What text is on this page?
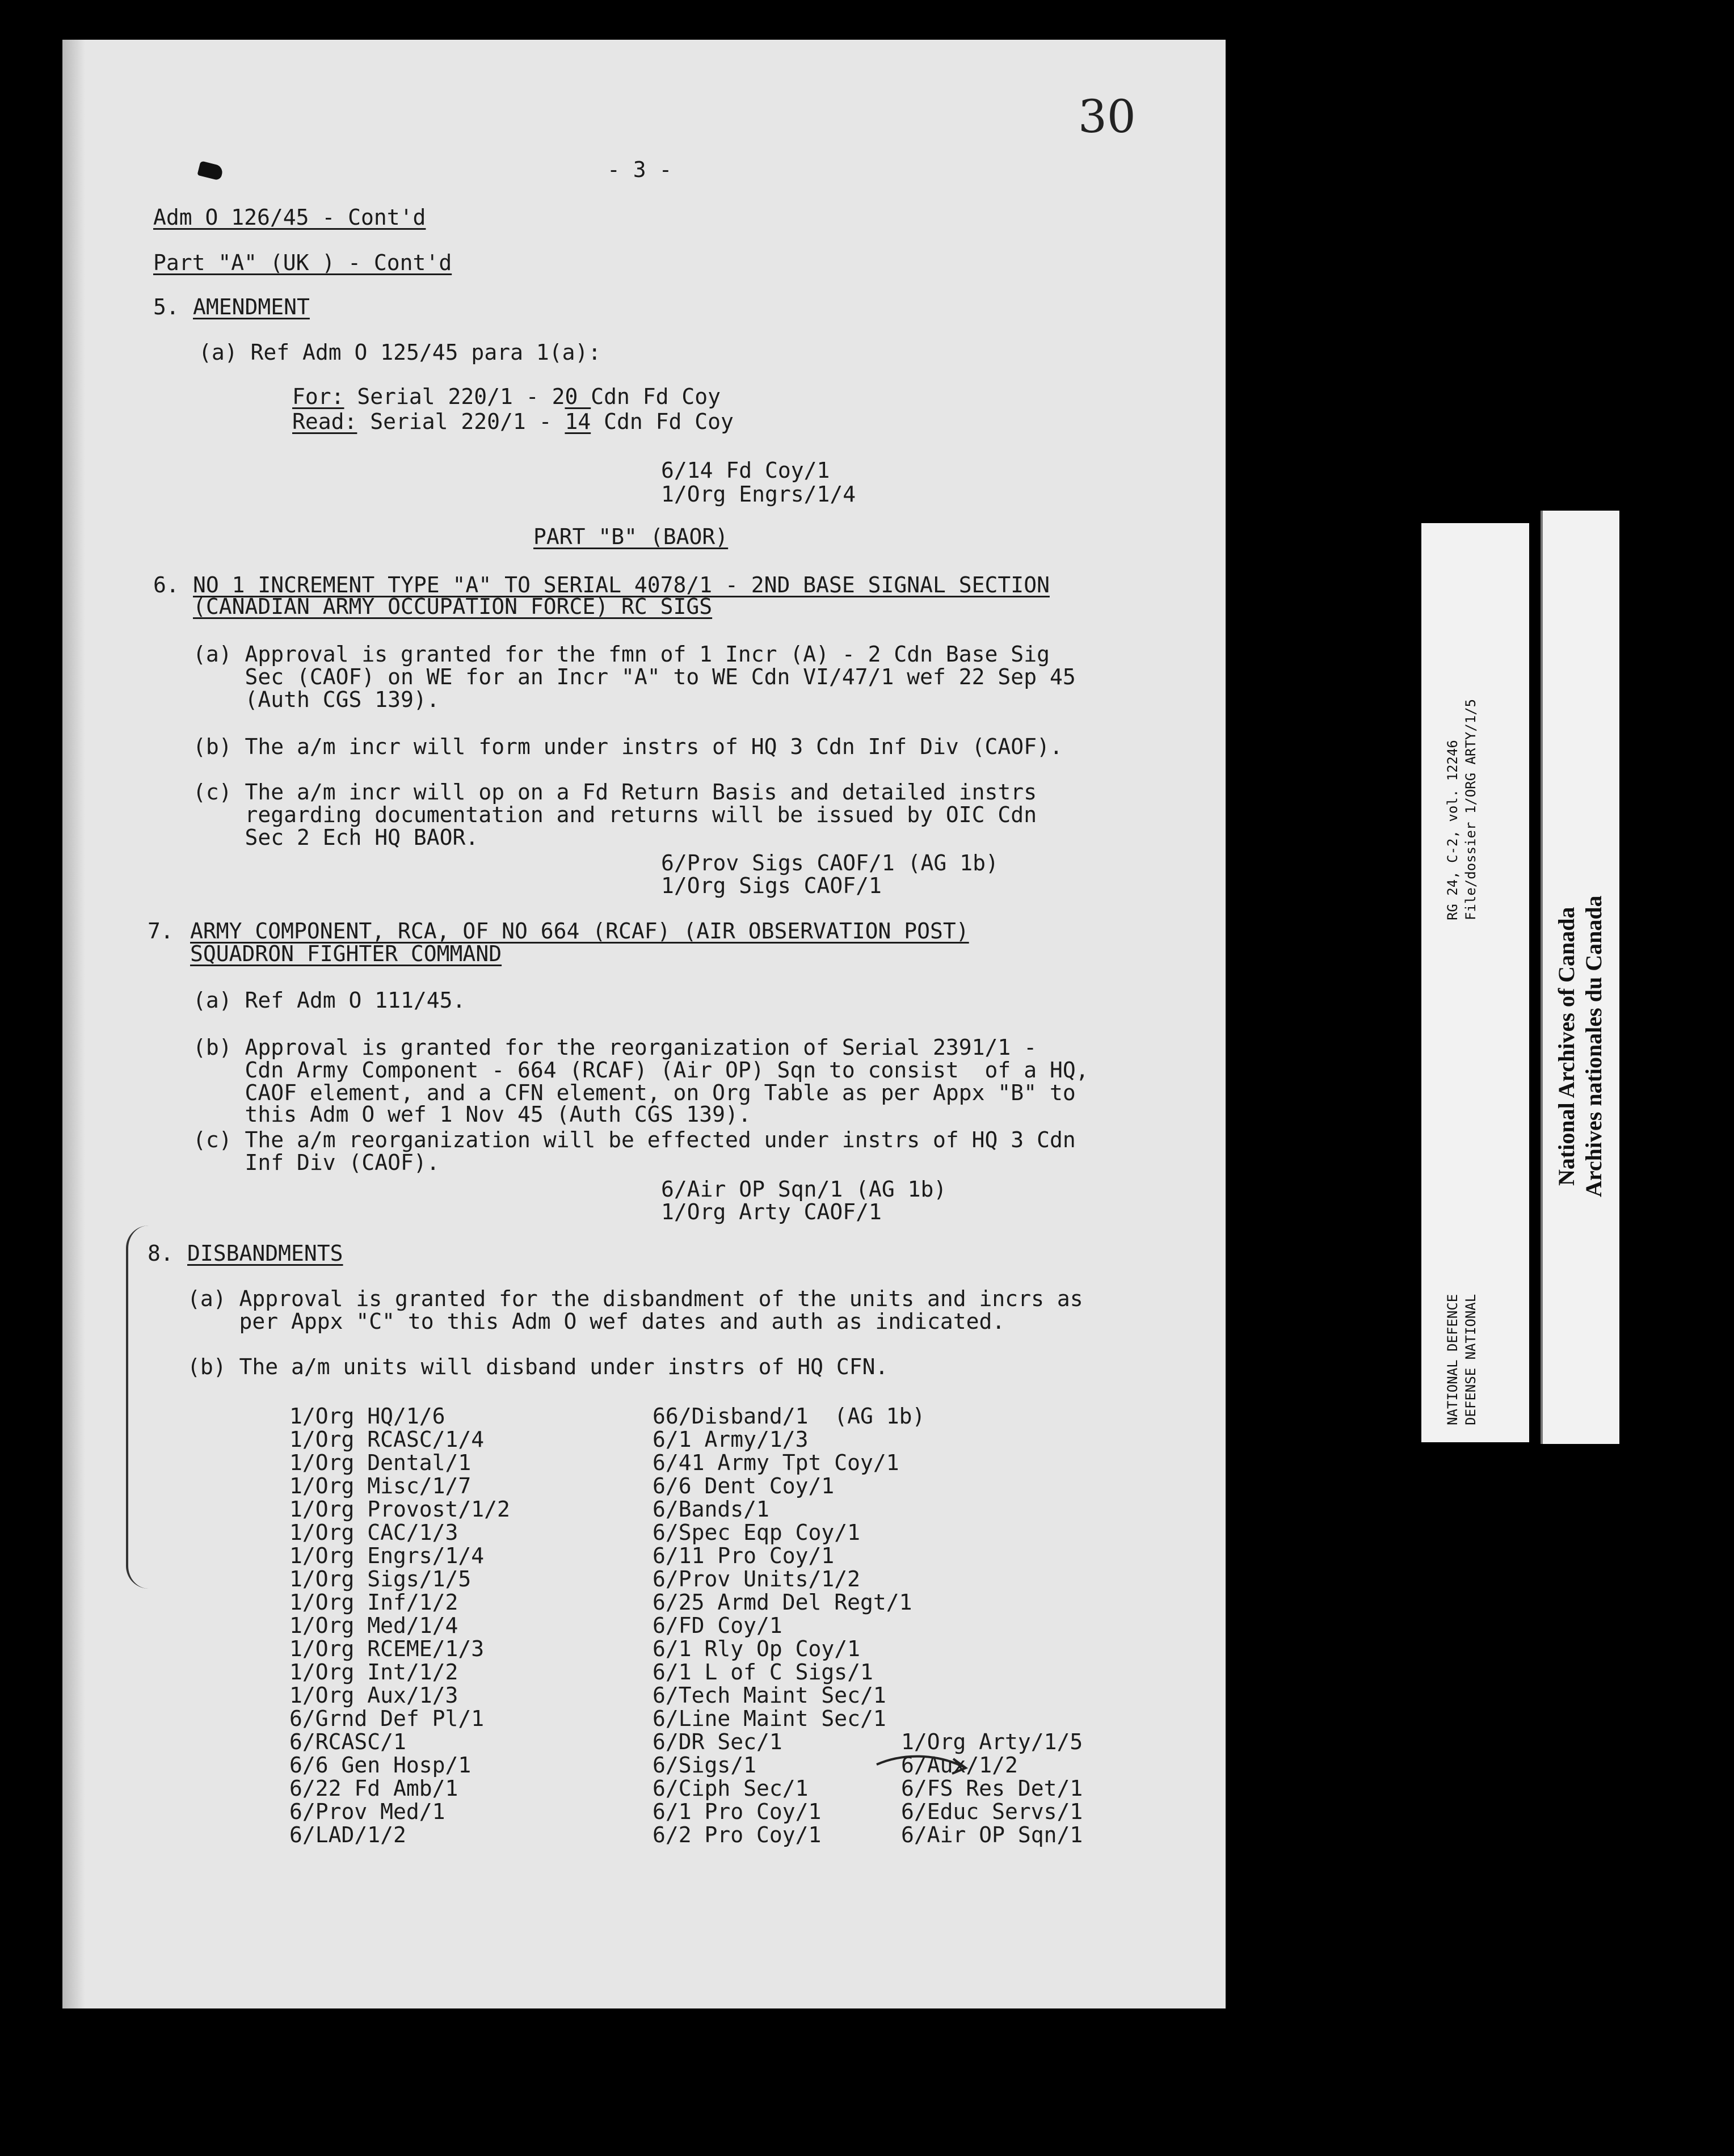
30
- 3 -
Adm O 126/45 - Cont'd
Part "A" (UK ) - Cont'd
5. AMENDMENT
(a) Ref Adm O 125/45 para 1(a):
For: Serial 220/1 - 20 Cdn Fd Coy
Read: Serial 220/1 - 14 Cdn Fd Coy
6/14 Fd Coy/1
1/Org Engrs/1/4
PART "B" (BAOR)
6. NO 1 INCREMENT TYPE "A" TO SERIAL 4078/1 - 2ND BASE SIGNAL SECTION
(CANADIAN ARMY OCCUPATION FORCE) RC SIGS
(a) Approval is granted for the fmn of 1 Incr (A) - 2 Cdn Base Sig
Sec (CAOF) on WE for an Incr "A" to WE Cdn VI/47/1 wef 22 Sep 45
(Auth CGS 139).
(b) The a/m incr will form under instrs of HQ 3 Cdn Inf Div (CAOF).
(c) The a/m incr will op on a Fd Return Basis and detailed instrs
regarding documentation and returns will be issued by OIC Cdn
Sec 2 Ech HQ BAOR.
6/Prov Sigs CAOF/1 (AG 1b)
1/Org Sigs CAOF/1
7. ARMY COMPONENT, RCA, OF NO 664 (RCAF) (AIR OBSERVATION POST)
SQUADRON FIGHTER COMMAND
(a) Ref Adm O 111/45.
(b) Approval is granted for the reorganization of Serial 2391/1 -
Cdn Army Component - 664 (RCAF) (Air OP) Sqn to consist  of a HQ,
CAOF element, and a CFN element, on Org Table as per Appx "B" to
this Adm O wef 1 Nov 45 (Auth CGS 139).
(c) The a/m reorganization will be effected under instrs of HQ 3 Cdn
Inf Div (CAOF).
6/Air OP Sqn/1 (AG 1b)
1/Org Arty CAOF/1
8. DISBANDMENTS
(a) Approval is granted for the disbandment of the units and incrs as
per Appx "C" to this Adm O wef dates and auth as indicated.
(b) The a/m units will disband under instrs of HQ CFN.
1/Org HQ/1/6
1/Org RCASC/1/4
1/Org Dental/1
1/Org Misc/1/7
1/Org Provost/1/2
1/Org CAC/1/3
1/Org Engrs/1/4
1/Org Sigs/1/5
1/Org Inf/1/2
1/Org Med/1/4
1/Org RCEME/1/3
1/Org Int/1/2
1/Org Aux/1/3
6/Grnd Def Pl/1
6/RCASC/1
6/6 Gen Hosp/1
6/22 Fd Amb/1
6/Prov Med/1
6/LAD/1/2
66/Disband/1  (AG 1b)
6/1 Army/1/3
6/41 Army Tpt Coy/1
6/6 Dent Coy/1
6/Bands/1
6/Spec Eqp Coy/1
6/11 Pro Coy/1
6/Prov Units/1/2
6/25 Armd Del Regt/1
6/FD Coy/1
6/1 Rly Op Coy/1
6/1 L of C Sigs/1
6/Tech Maint Sec/1
6/Line Maint Sec/1
6/DR Sec/1
6/Sigs/1
6/Ciph Sec/1
6/1 Pro Coy/1
6/2 Pro Coy/1
1/Org Arty/1/5
6/Aux/1/2
6/FS Res Det/1
6/Educ Servs/1
6/Air OP Sqn/1
NATIONAL DEFENCE DEFENSE NATIONAL
RG 24, C-2, vol. 12246 File/dossier 1/ORG ARTY/1/5
National Archives of Canada Archives nationales du Canada
